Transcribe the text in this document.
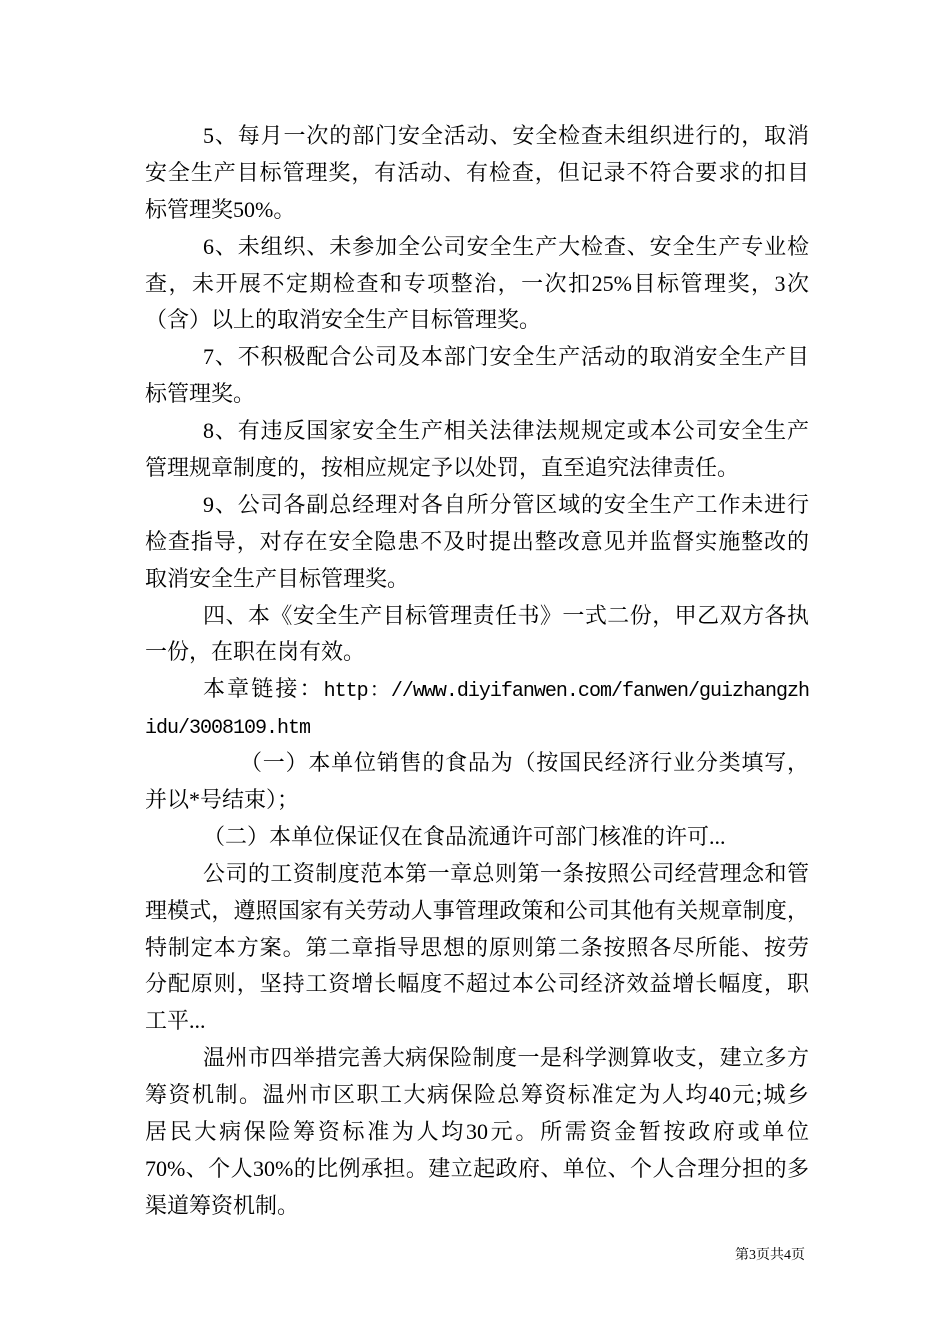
5、每月一次的部门安全活动、安全检查未组织进行的，取消
安全生产目标管理奖，有活动、有检查，但记录不符合要求的扣目
标管理奖50%。
6、未组织、未参加全公司安全生产大检查、安全生产专业检
查，未开展不定期检查和专项整治，一次扣25%目标管理奖，3次
（含）以上的取消安全生产目标管理奖。
7、不积极配合公司及本部门安全生产活动的取消安全生产目
标管理奖。
8、有违反国家安全生产相关法律法规规定或本公司安全生产
管理规章制度的，按相应规定予以处罚，直至追究法律责任。
9、公司各副总经理对各自所分管区域的安全生产工作未进行
检查指导，对存在安全隐患不及时提出整改意见并监督实施整改的
取消安全生产目标管理奖。
四、本《安全生产目标管理责任书》一式二份，甲乙双方各执
一份，在职在岗有效。
本章链接：http：//www.diyifanwen.com/fanwen/guizhangzh
idu/3008109.htm
（一）本单位销售的食品为（按国民经济行业分类填写，
并以*号结束）；
（二）本单位保证仅在食品流通许可部门核准的许可...
公司的工资制度范本第一章总则第一条按照公司经营理念和管
理模式，遵照国家有关劳动人事管理政策和公司其他有关规章制度，
特制定本方案。第二章指导思想的原则第二条按照各尽所能、按劳
分配原则，坚持工资增长幅度不超过本公司经济效益增长幅度，职
工平...
温州市四举措完善大病保险制度一是科学测算收支，建立多方
筹资机制。温州市区职工大病保险总筹资标准定为人均40元;城乡
居民大病保险筹资标准为人均30元。所需资金暂按政府或单位
70%、个人30%的比例承担。建立起政府、单位、个人合理分担的多
渠道筹资机制。
第3页共4页
